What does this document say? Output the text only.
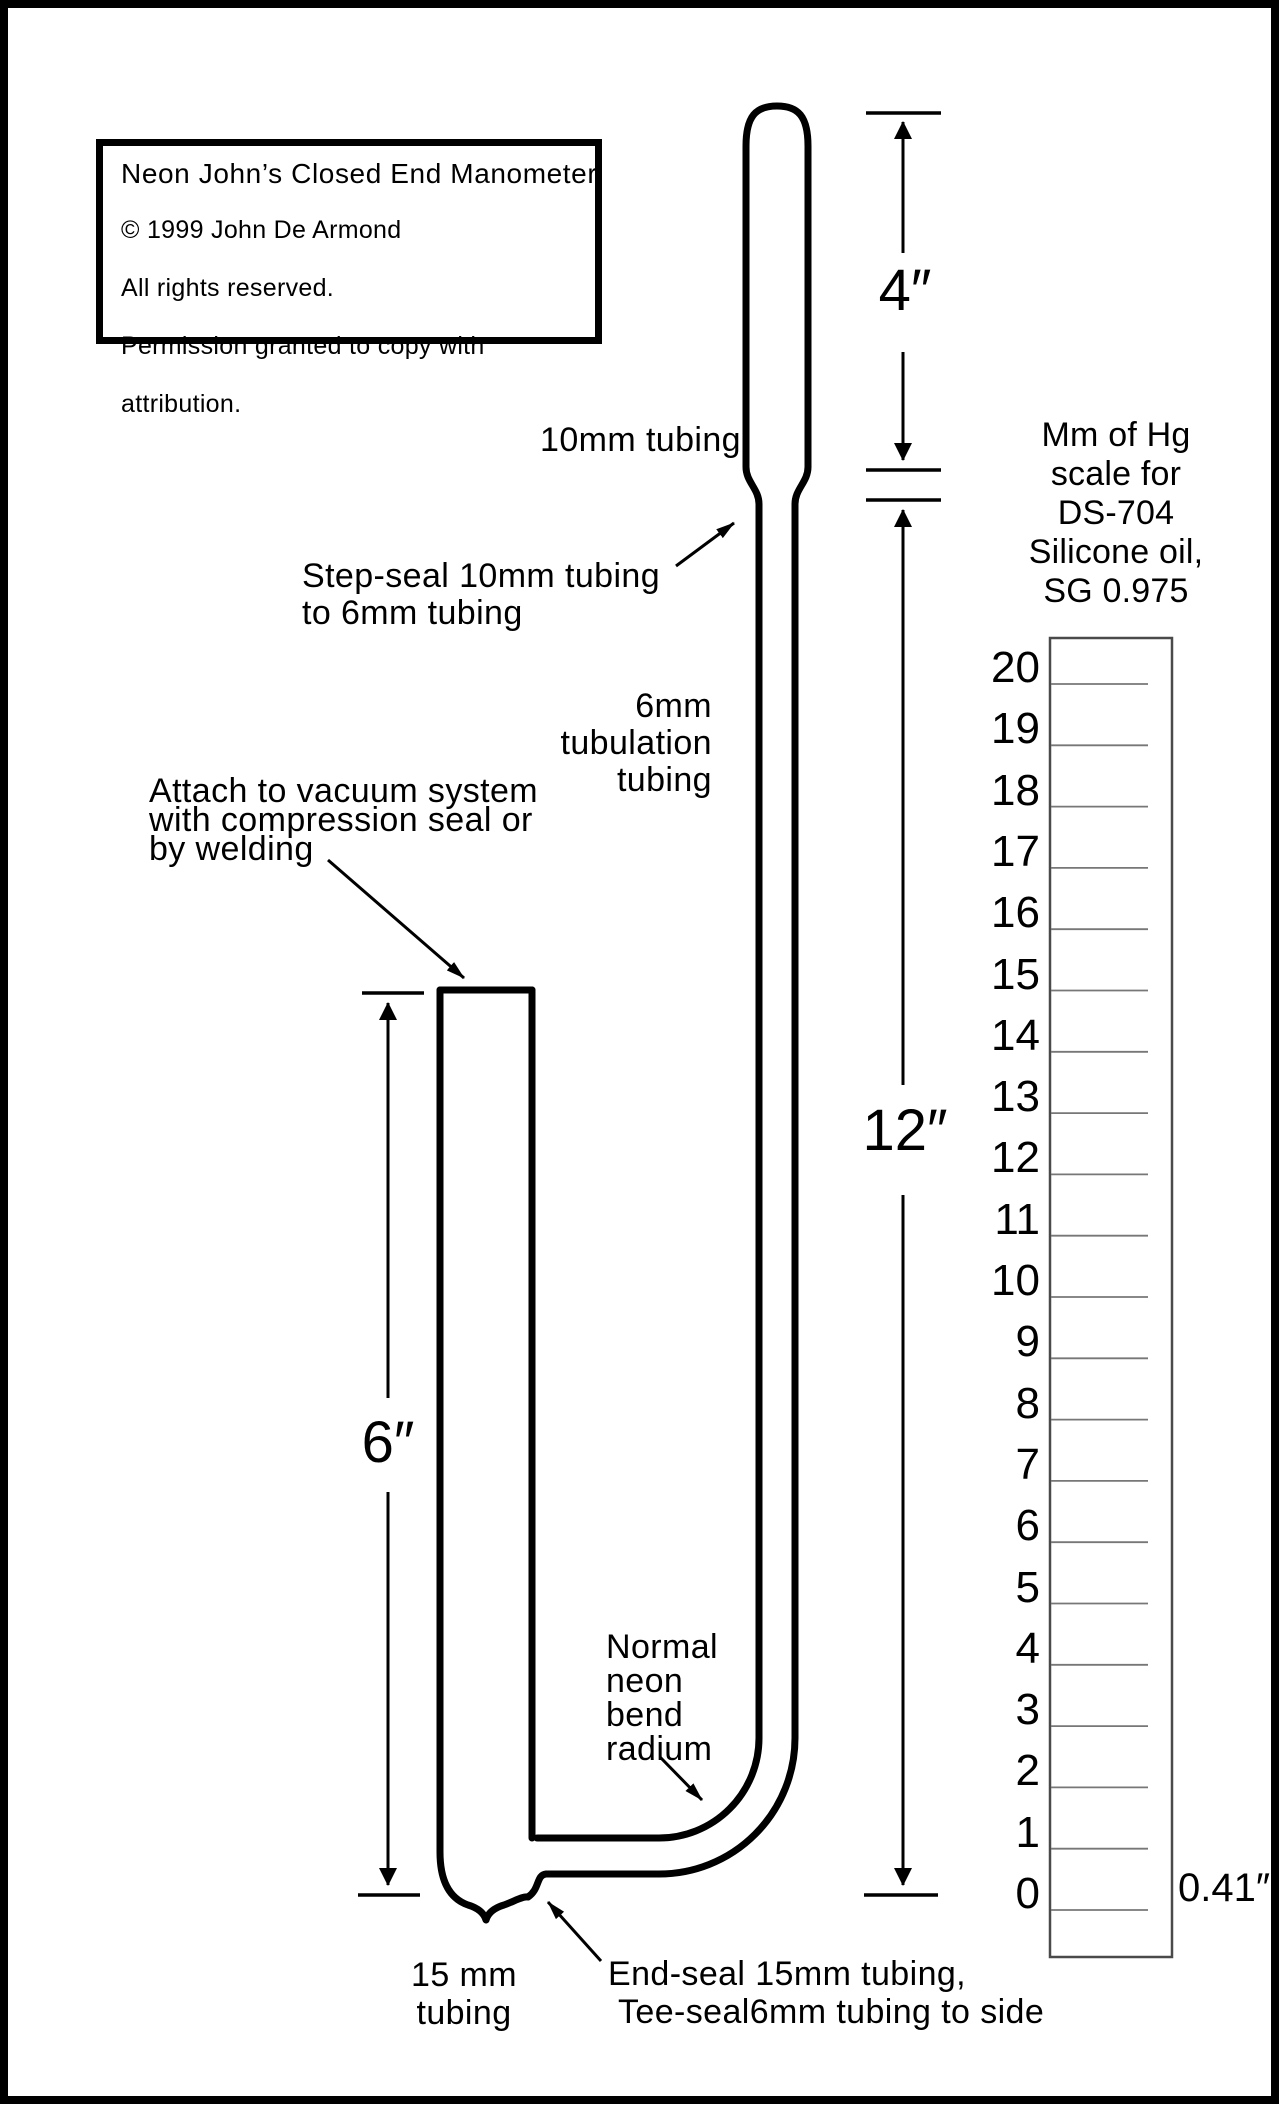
Neon John’s Closed End Manometer
© 1999 John De Armond

All rights reserved.

Permission granted to copy with

attribution.

10mm tubing
Step-seal 10mm tubing
to 6mm tubing
6mm
tubulation
tubing
Attach to vacuum system
with compression seal or
by welding
Normal
neon
bend
radium
15 mm
tubing
End-seal 15mm tubing,
Tee-seal6mm tubing to side
4″
12″
6″
Mm of Hg
scale for
DS-704
Silicone oil,
SG 0.975
0.41″
20
19
18
17
16
15
14
13
12
11
10
9
8
7
6
5
4
3
2
1
0
